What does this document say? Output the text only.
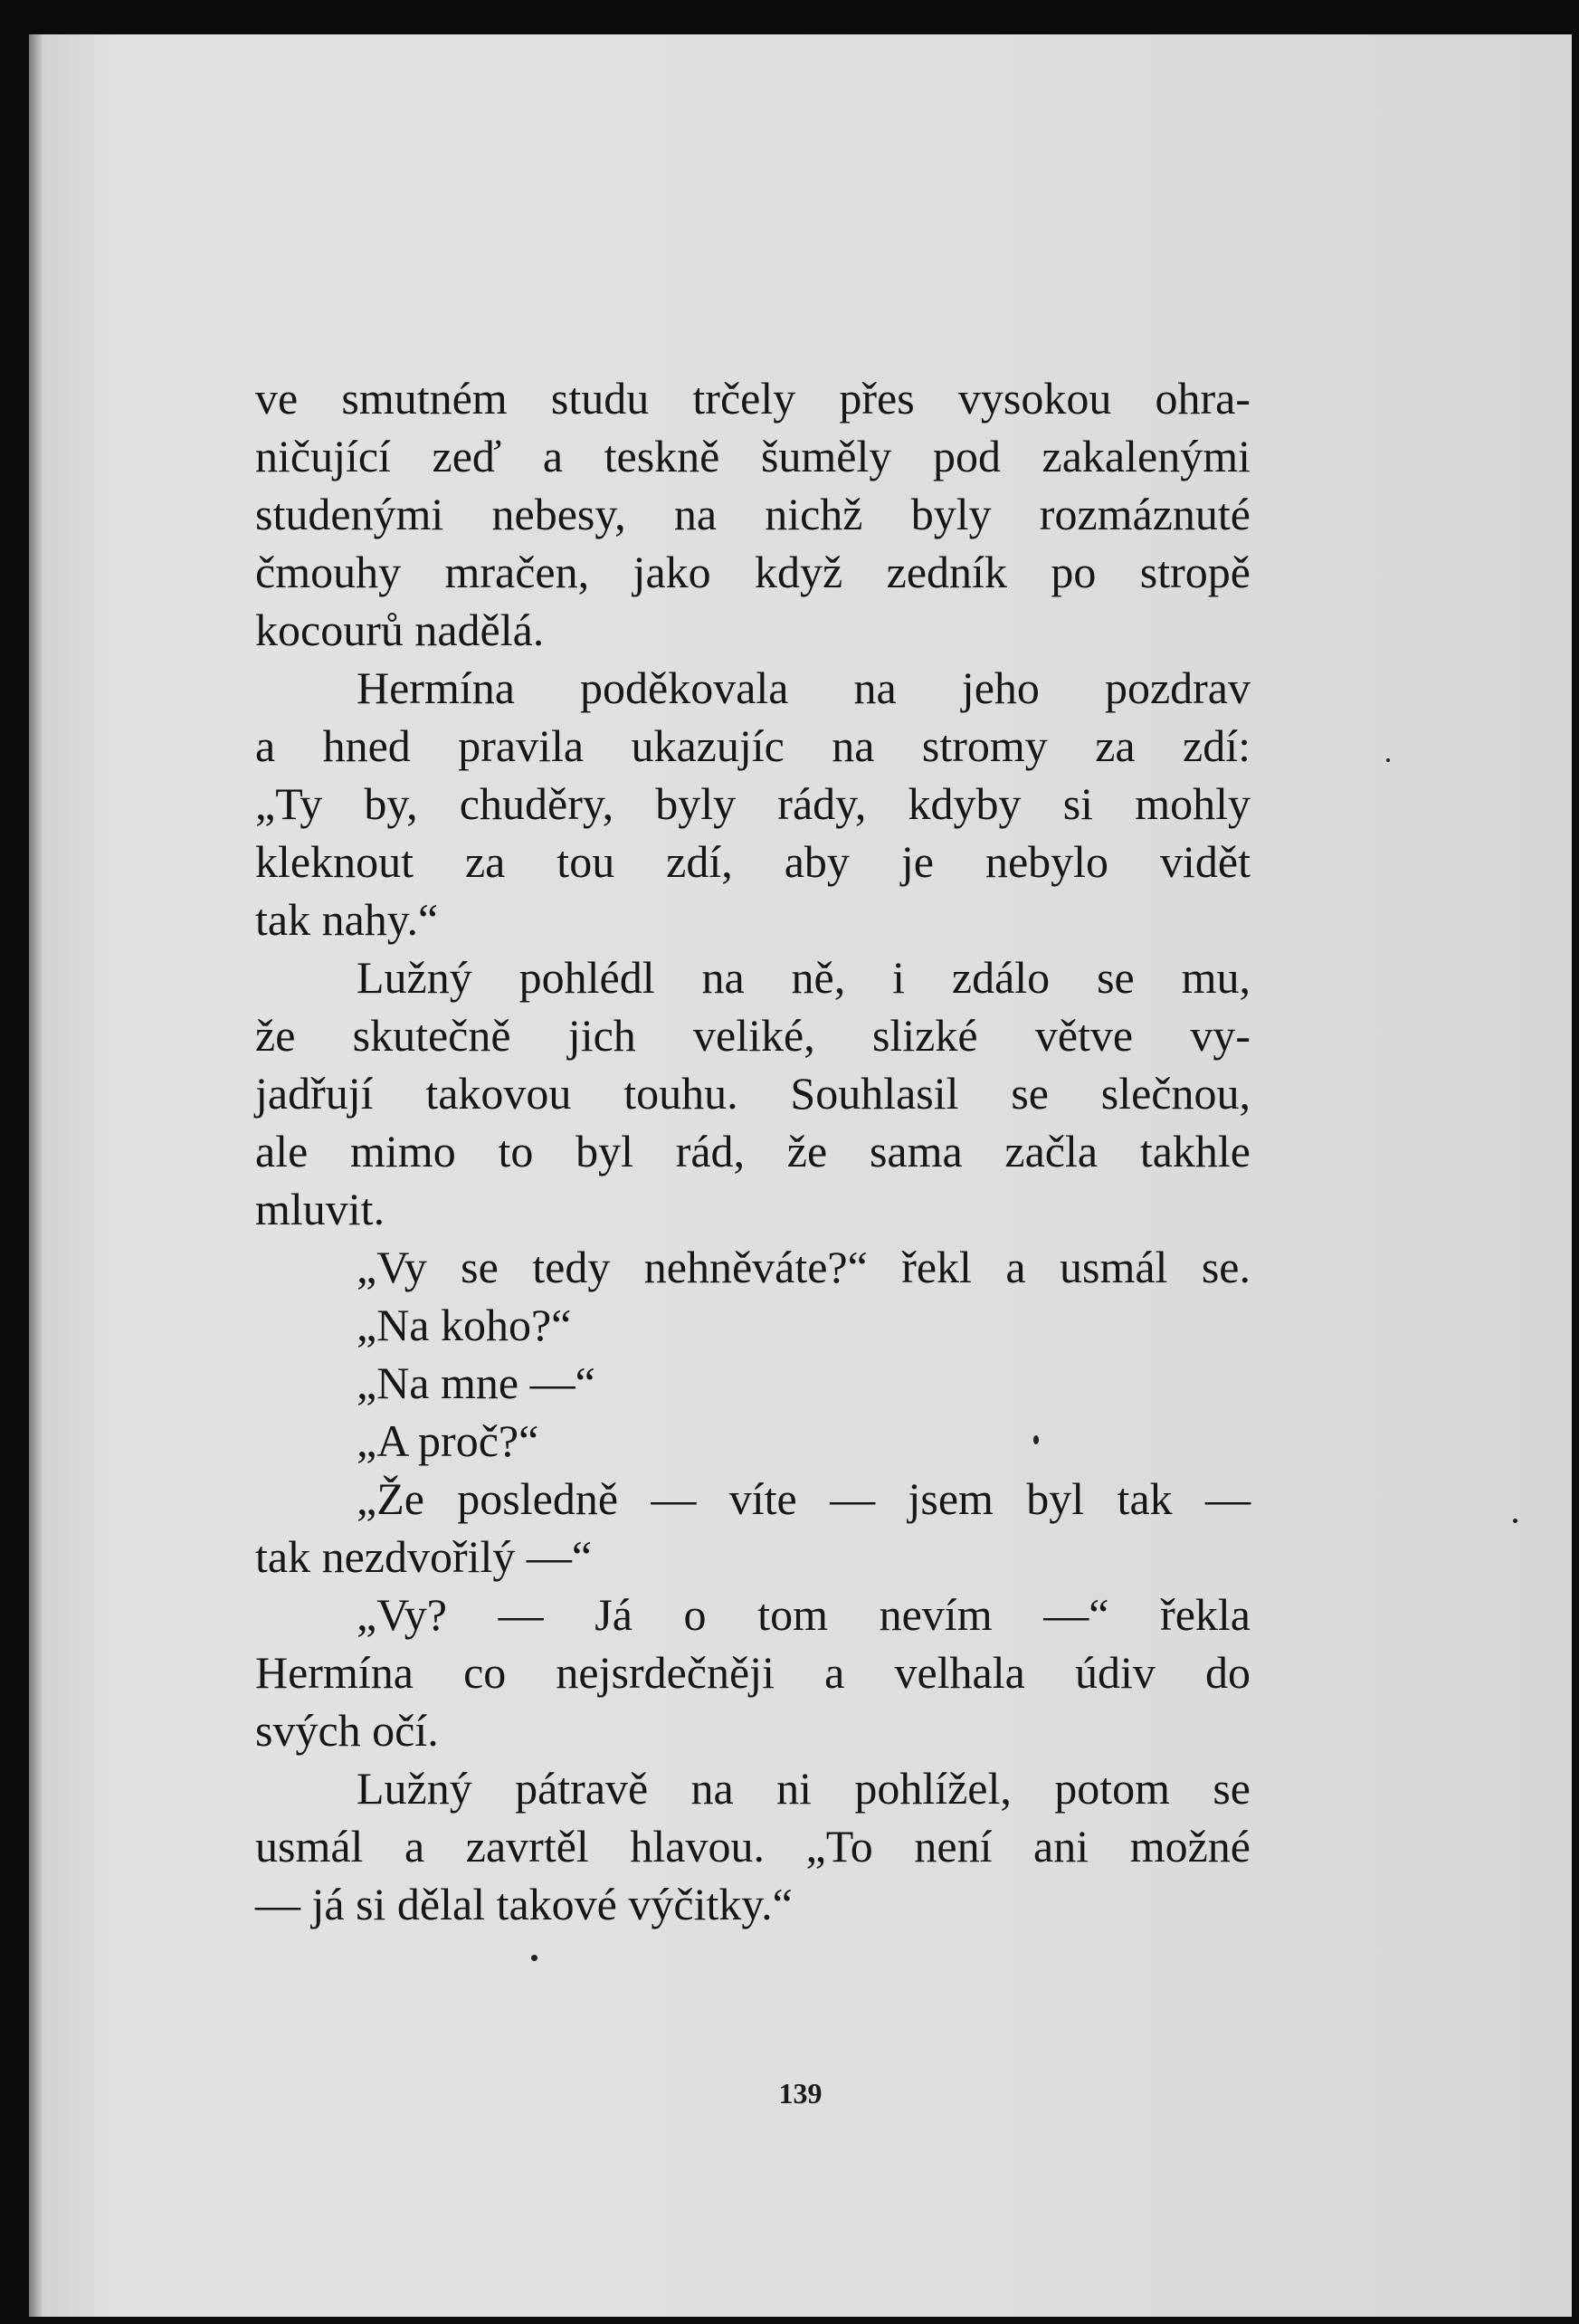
ve smutném studu trčely přes vysokou ohra-
ničující zeď a teskně šuměly pod zakalenými
studenými nebesy, na nichž byly rozmáznuté
čmouhy mračen, jako když zedník po stropě
kocourů nadělá.
Hermína poděkovala na jeho pozdrav
a hned pravila ukazujíc na stromy za zdí:
„Ty by, chuděry, byly rády, kdyby si mohly
kleknout za tou zdí, aby je nebylo vidět
tak nahy.“
Lužný pohlédl na ně, i zdálo se mu,
že skutečně jich veliké, slizké větve vy-
jadřují takovou touhu. Souhlasil se slečnou,
ale mimo to byl rád, že sama začla takhle
mluvit.
„Vy se tedy nehněváte?“ řekl a usmál se.
„Na koho?“
„Na mne —“
„A proč?“
„Že posledně — víte — jsem byl tak —
tak nezdvořilý —“
„Vy? — Já o tom nevím —“ řekla
Hermína co nejsrdečněji a velhala údiv do
svých očí.
Lužný pátravě na ni pohlížel, potom se
usmál a zavrtěl hlavou. „To není ani možné
— já si dělal takové výčitky.“
139
